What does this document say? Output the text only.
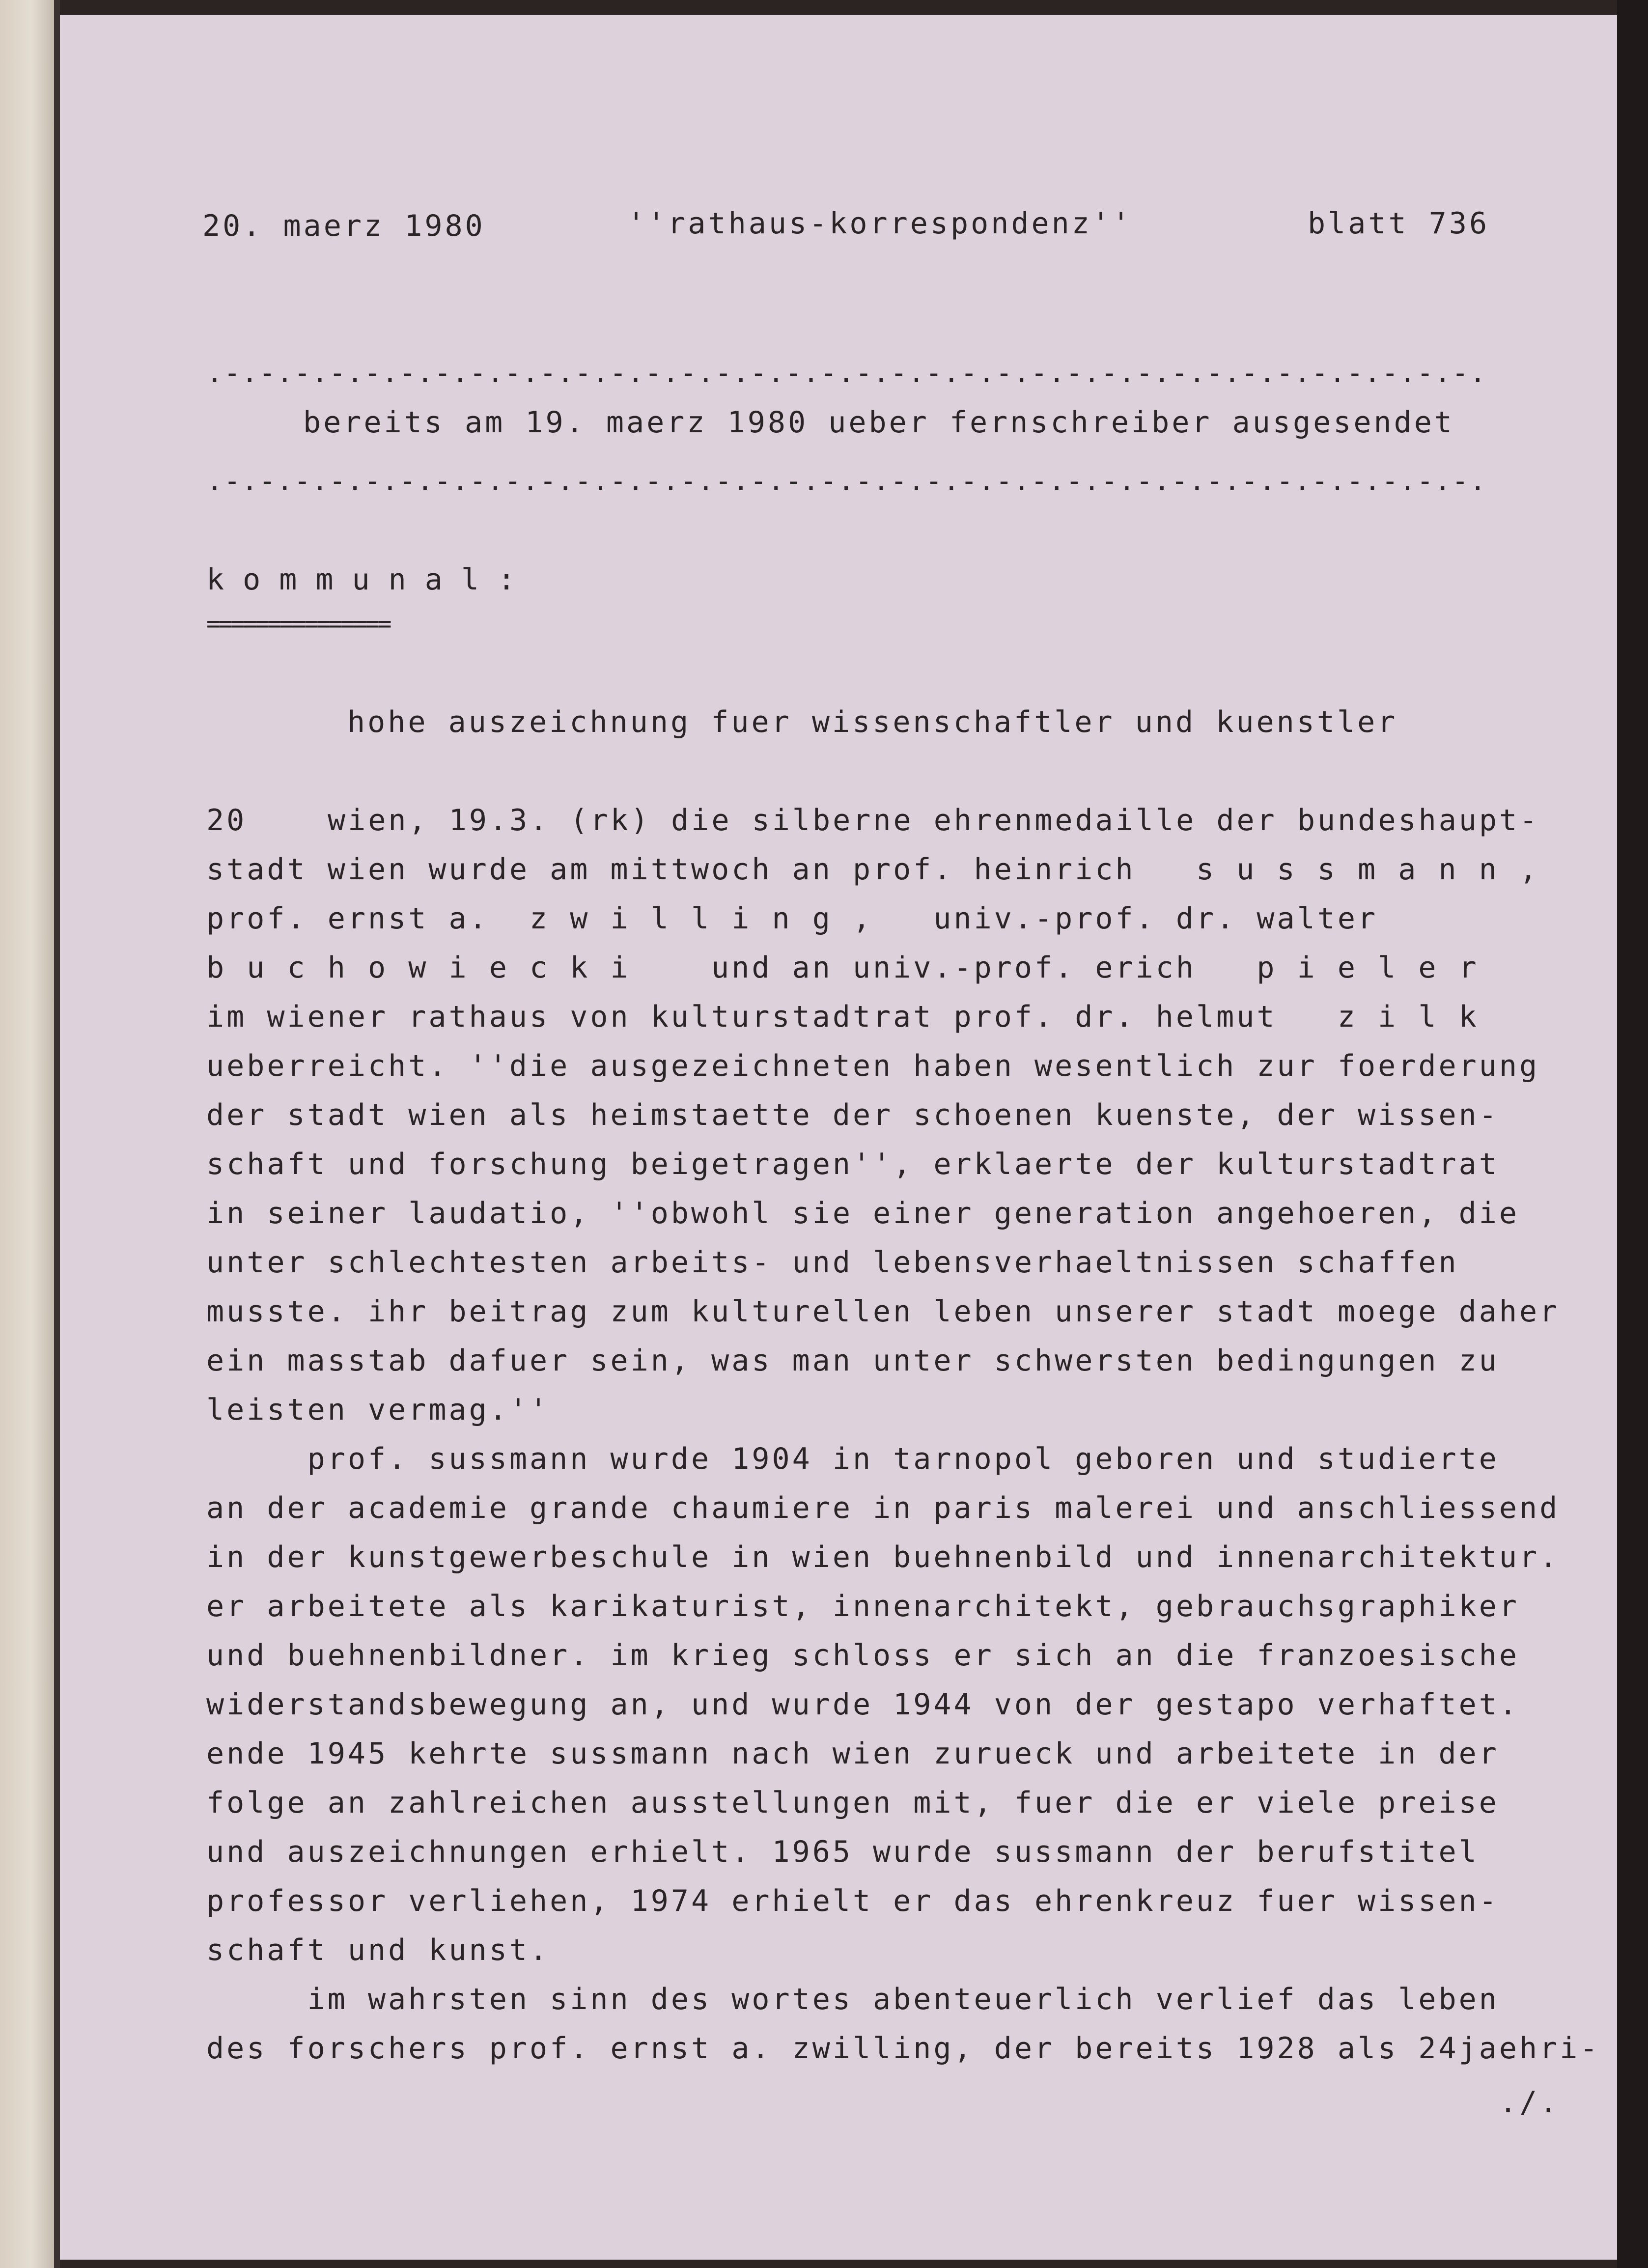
20. maerz 1980	''rathaus-korrespondenz''	blatt 736

.-.-.-.-.-.-.-.-.-.-.-.-.-.-.-.-.-.-.-.-.-.-.-.-.-.-.-.-.-.-.-.-.-.-.-.-.

bereits am 19. maerz 1980 ueber fernschreiber ausgesendet

.-.-.-.-.-.-.-.-.-.-.-.-.-.-.-.-.-.-.-.-.-.-.-.-.-.-.-.-.-.-.-.-.-.-.-.-.

kommunal:

===============

hohe auszeichnung fuer wissenschaftler und kuenstler

20	wien, 19.3. (rk) die silberne ehrenmedaille der bundeshaupt-

stadt wien wurde am mittwoch an prof. heinrich   s u s s m a n n ,

prof. ernst a.  z w i l l i n g ,   univ.-prof. dr. walter

b u c h o w i e c k i    und an univ.-prof. erich   p i e l e r

im wiener rathaus von kulturstadtrat prof. dr. helmut   z i l k

ueberreicht. ''die ausgezeichneten haben wesentlich zur foerderung

der stadt wien als heimstaette der schoenen kuenste, der wissen-

schaft und forschung beigetragen'', erklaerte der kulturstadtrat

in seiner laudatio, ''obwohl sie einer generation angehoeren, die

unter schlechtesten arbeits- und lebensverhaeltnissen schaffen

musste. ihr beitrag zum kulturellen leben unserer stadt moege daher

ein masstab dafuer sein, was man unter schwersten bedingungen zu

leisten vermag.''

prof. sussmann wurde 1904 in tarnopol geboren und studierte

an der academie grande chaumiere in paris malerei und anschliessend

in der kunstgewerbeschule in wien buehnenbild und innenarchitektur.

er arbeitete als karikaturist, innenarchitekt, gebrauchsgraphiker

und buehnenbildner. im krieg schloss er sich an die franzoesische

widerstandsbewegung an, und wurde 1944 von der gestapo verhaftet.

ende 1945 kehrte sussmann nach wien zurueck und arbeitete in der

folge an zahlreichen ausstellungen mit, fuer die er viele preise

und auszeichnungen erhielt. 1965 wurde sussmann der berufstitel

professor verliehen, 1974 erhielt er das ehrenkreuz fuer wissen-

schaft und kunst.

im wahrsten sinn des wortes abenteuerlich verlief das leben

des forschers prof. ernst a. zwilling, der bereits 1928 als 24jaehri-

./.
